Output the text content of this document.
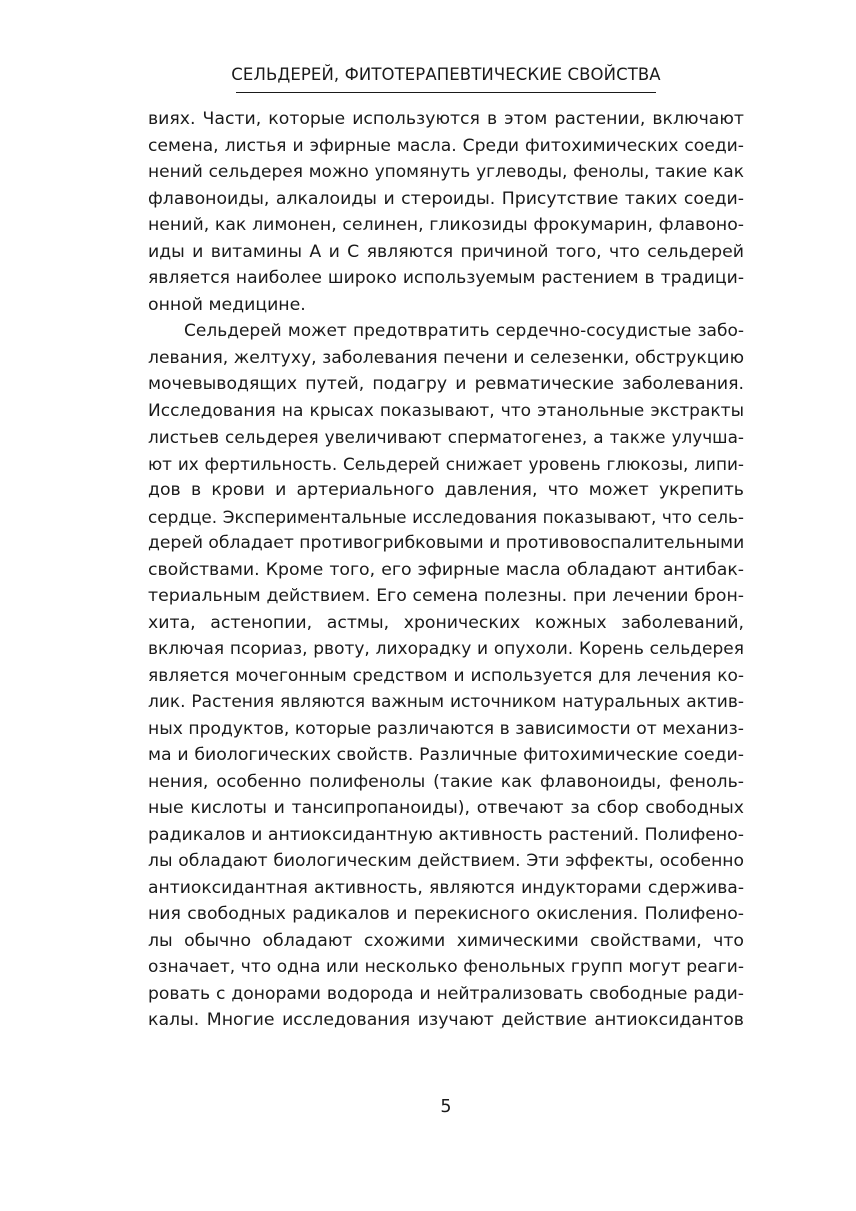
СЕЛЬДЕРЕЙ, ФИТОТЕРАПЕВТИЧЕСКИЕ СВОЙСТВА
виях. Части, которые используются в этом растении, включают
семена, листья и эфирные масла. Среди фитохимических соеди-
нений сельдерея можно упомянуть углеводы, фенолы, такие как
флавоноиды, алкалоиды и стероиды. Присутствие таких соеди-
нений, как лимонен, селинен, гликозиды фрокумарин, флавоно-
иды и витамины А и С являются причиной того, что сельдерей
является наиболее широко используемым растением в традици-
онной медицине.
Сельдерей может предотвратить сердечно-сосудистые забо-
левания, желтуху, заболевания печени и селезенки, обструкцию
мочевыводящих путей, подагру и ревматические заболевания.
Исследования на крысах показывают, что этанольные экстракты
листьев сельдерея увеличивают сперматогенез, а также улучша-
ют их фертильность. Сельдерей снижает уровень глюкозы, липи-
дов в крови и артериального давления, что может укрепить
сердце. Экспериментальные исследования показывают, что сель-
дерей обладает противогрибковыми и противовоспалительными
свойствами. Кроме того, его эфирные масла обладают антибак-
териальным действием. Его семена полезны. при лечении брон-
хита, астенопии, астмы, хронических кожных заболеваний,
включая псориаз, рвоту, лихорадку и опухоли. Корень сельдерея
является мочегонным средством и используется для лечения ко-
лик. Растения являются важным источником натуральных актив-
ных продуктов, которые различаются в зависимости от механиз-
ма и биологических свойств. Различные фитохимические соеди-
нения, особенно полифенолы (такие как флавоноиды, феноль-
ные кислоты и тансипропаноиды), отвечают за сбор свободных
радикалов и антиоксидантную активность растений. Полифено-
лы обладают биологическим действием. Эти эффекты, особенно
антиоксидантная активность, являются индукторами сдержива-
ния свободных радикалов и перекисного окисления. Полифено-
лы обычно обладают схожими химическими свойствами, что
означает, что одна или несколько фенольных групп могут реаги-
ровать с донорами водорода и нейтрализовать свободные ради-
калы. Многие исследования изучают действие антиоксидантов
5
